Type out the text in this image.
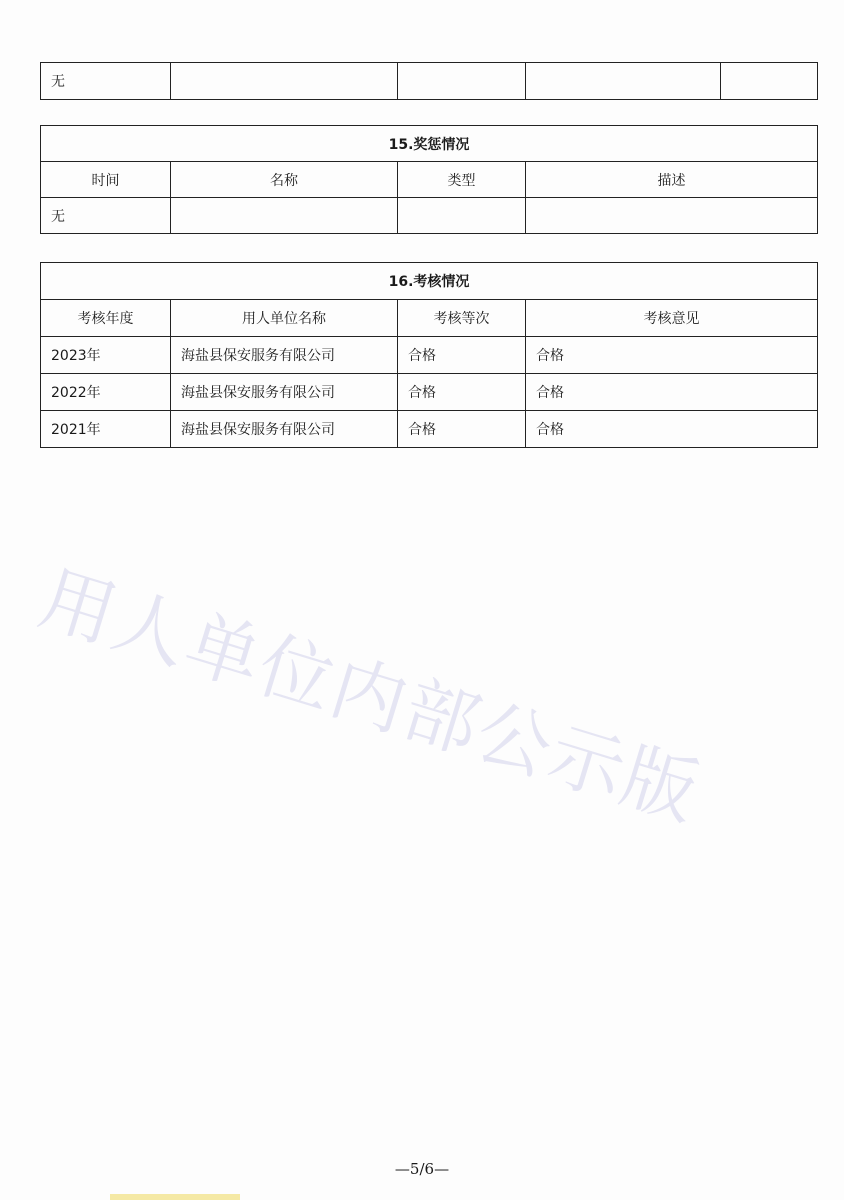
无				
15.奖惩情况			
时间	名称	类型	描述
无			
16.考核情况			
考核年度	用人单位名称	考核等次	考核意见
2023年	海盐县保安服务有限公司	合格	合格
2022年	海盐县保安服务有限公司	合格	合格
2021年	海盐县保安服务有限公司	合格	合格
用人单位内部公示版
—5/6—
